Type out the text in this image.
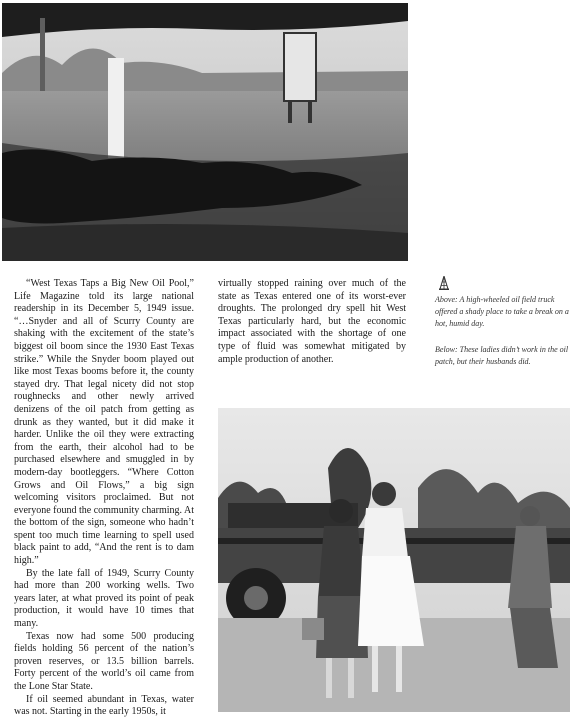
“West Texas Taps a Big New Oil Pool,” Life Magazine told its large national readership in its December 5, 1949 issue. “…Snyder and all of Scurry County are shaking with the excitement of the state’s biggest oil boom since the 1930 East Texas strike.” While the Snyder boom played out like most Texas booms before it, the county stayed dry. That legal nicety did not stop roughnecks and other newly arrived denizens of the oil patch from getting as drunk as they wanted, but it did make it harder. Unlike the oil they were extracting from the earth, their alcohol had to be purchased elsewhere and smuggled in by modern-day bootleggers. “Where Cotton Grows and Oil Flows,” a big sign welcoming visitors proclaimed. But not everyone found the community charming. At the bottom of the sign, someone who hadn’t spent too much time learning to spell used black paint to add, “And the rent is to dam high.”

By the late fall of 1949, Scurry County had more than 200 working wells. Two years later, at what proved its point of peak production, it would have 10 times that many.

Texas now had some 500 producing fields holding 56 percent of the nation’s proven reserves, or 13.5 billion barrels. Forty percent of the world’s oil came from the Lone Star State.

If oil seemed abundant in Texas, water was not. Starting in the early 1950s, it

virtually stopped raining over much of the state as Texas entered one of its worst-ever droughts. The prolonged dry spell hit West Texas particularly hard, but the economic impact associated with the shortage of one type of fluid was somewhat mitigated by ample production of another.

Above: A high-wheeled oil field truck offered a shady place to take a break on a hot, humid day.

Below: These ladies didn’t work in the oil patch, but their husbands did.
